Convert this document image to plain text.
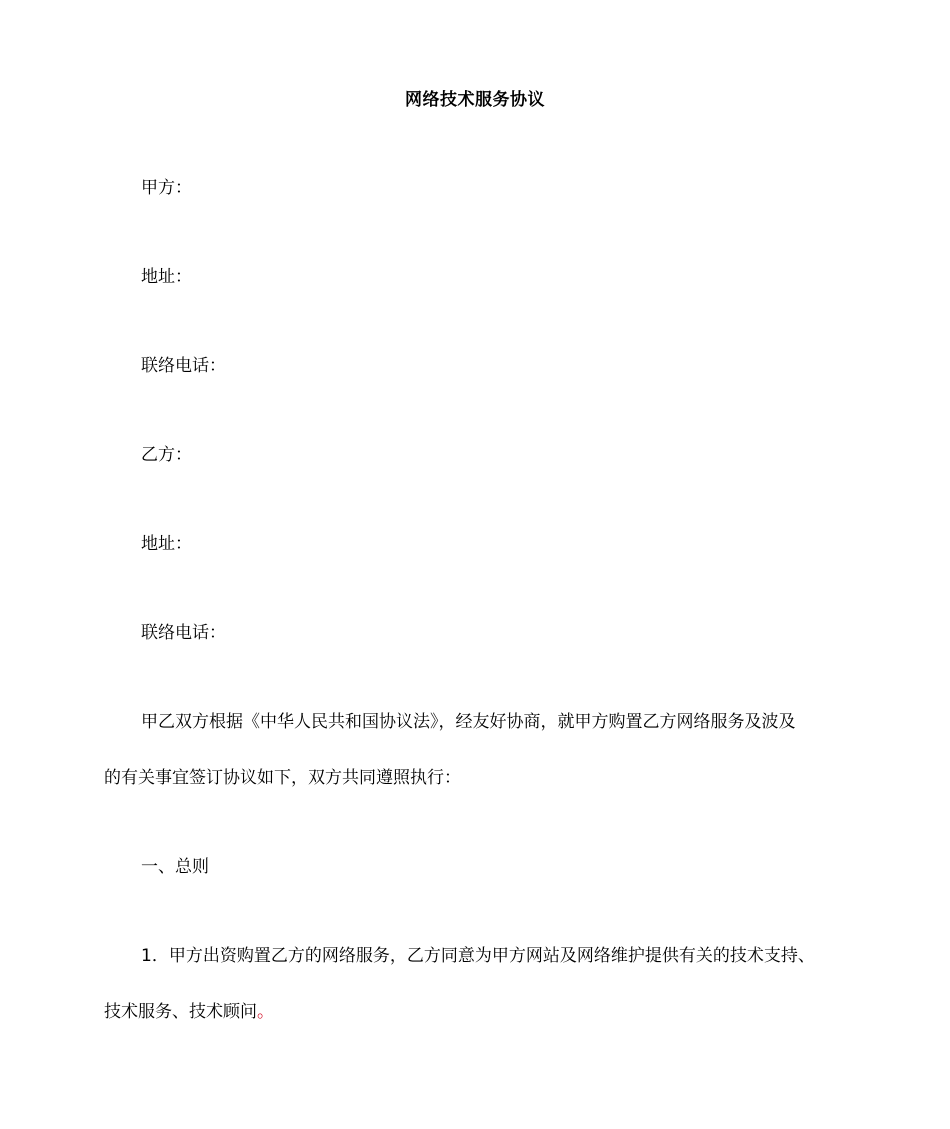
网络技术服务协议
甲方：
地址：
联络电话：
乙方：
地址：
联络电话：
甲乙双方根据《中华人民共和国协议法》，经友好协商，就甲方购置乙方网络服务及波及
的有关事宜签订协议如下，双方共同遵照执行：
一、总则
1．甲方出资购置乙方的网络服务，乙方同意为甲方网站及网络维护提供有关的技术支持、
技术服务、技术顾问。
